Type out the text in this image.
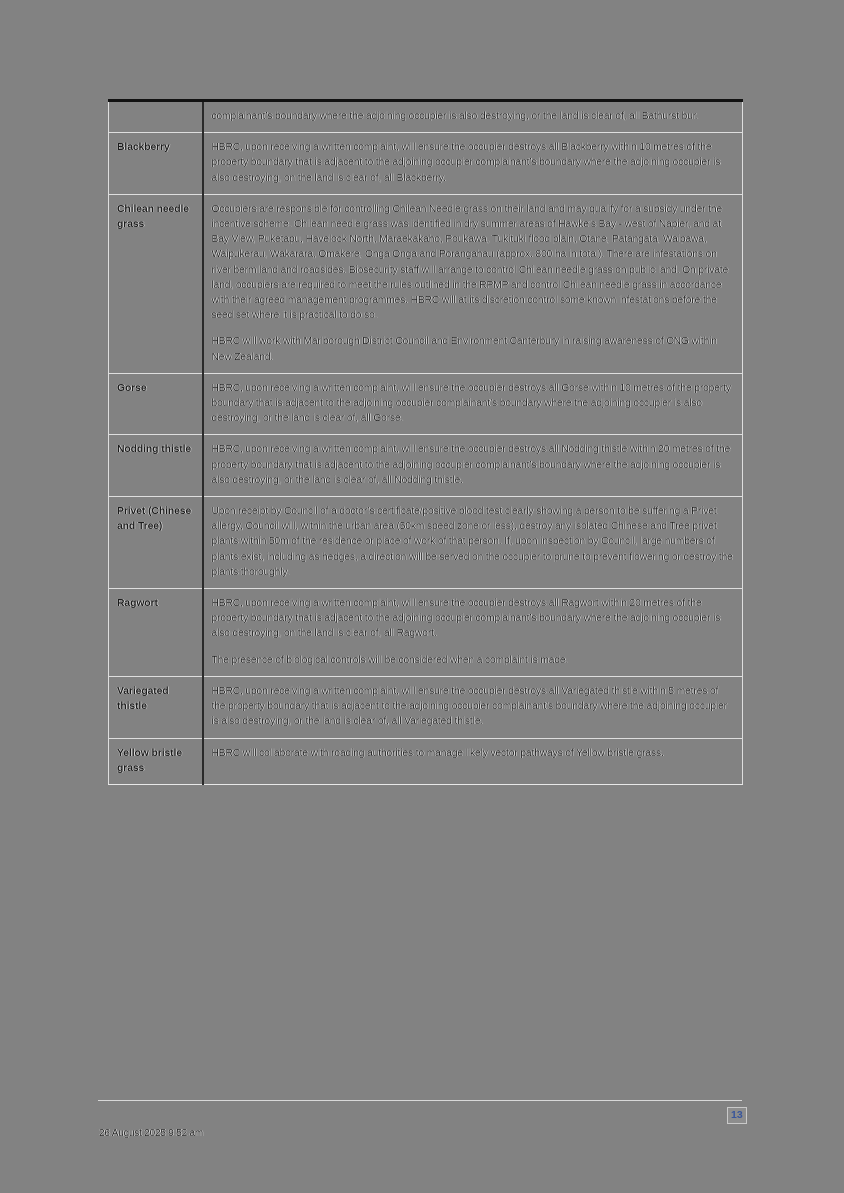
	complainant’s boundary where the adjoining occupier is also destroying, or the land is clear of, all Bathurst bur.

Blackberry	HBRC, upon receiving a written complaint, will ensure the occupier destroys all Blackberry within 10 metres of the property boundary that is adjacent to the adjoining occupier complainant’s boundary where the adjoining occupier is also destroying, on the land is clear of, all Blackberry.

Chilean needle grass	Occupiers are responsible for controlling Chilean Needle grass on their land and may qualify for a subsidy under the incentive scheme. Chilean needle grass was identified in dry summer areas of Hawke’s Bay - west of Napier, and at Bay View, Puketapu, Havelock North, Maraekakaho, Poukawa, Tukituki flood plain, Otane, Patangata, Waipawa, Waipukerau, Wakarara, Omakere, Onga Onga and Porangahau (approx. 800 ha in total). There are infestations on river berm land and roadsides. Biosecurity staff will arrange to control Chilean needle grass on public land. On private land, occupiers are required to meet the rules outlined in the RPMP and control Chilean needle grass in accordance with their agreed management programmes. HBRC will at its discretion control some known infestations before the seed set where it is practical to do so.

HBRC will work with Marlborough District Council and Environment Canterbury in raising awareness of CNG within New Zealand.

Gorse	HBRC, upon receiving a written complaint, will ensure the occupier destroys all Gorse within 10 metres of the property boundary that is adjacent to the adjoining occupier complainant’s boundary where the adjoining occupier is also destroying, or the land is clear of, all Gorse.

Nodding thistle	HBRC, upon receiving a written complaint, will ensure the occupier destroys all Nodding thistle within 20 metres of the property boundary that is adjacent to the adjoining occupier complainant’s boundary where the adjoining occupier is also destroying, or the land is clear of, all Nodding thistle.

Privet (Chinese and Tree)	Upon receipt by Council of a doctor’s certificate/positive blood test clearly showing a person to be suffering a Privet allergy, Council will, within the urban area (50km speed zone or less), destroy any isolated Chinese and Tree privet plants within 50m of the residence or place of work of that person. If, upon inspection by Council, large numbers of plants exist, including as hedges, a direction will be served on the occupier to prune to prevent flowering or destroy the plants thoroughly.

Ragwort	HBRC, upon receiving a written complaint, will ensure the occupier destroys all Ragwort within 20 metres of the property boundary that is adjacent to the adjoining occupier complainant’s boundary where the adjoining occupier is also destroying, on the land is clear of, all Ragwort.

The presence of biological controls will be considered when a complaint is made.

Variegated thistle	HBRC, upon receiving a written complaint, will ensure the occupier destroys all Variegated thistle within 5 metres of the property boundary that is adjacent to the adjoining occupier complainant’s boundary where the adjoining occupier is also destroying, or the land is clear of, all Variegated thistle.

Yellow bristle grass	HBRC will collaborate with roading authorities to manage likely vector pathways of Yellow bristle grass.

26 August 2025 9.52 am
13
